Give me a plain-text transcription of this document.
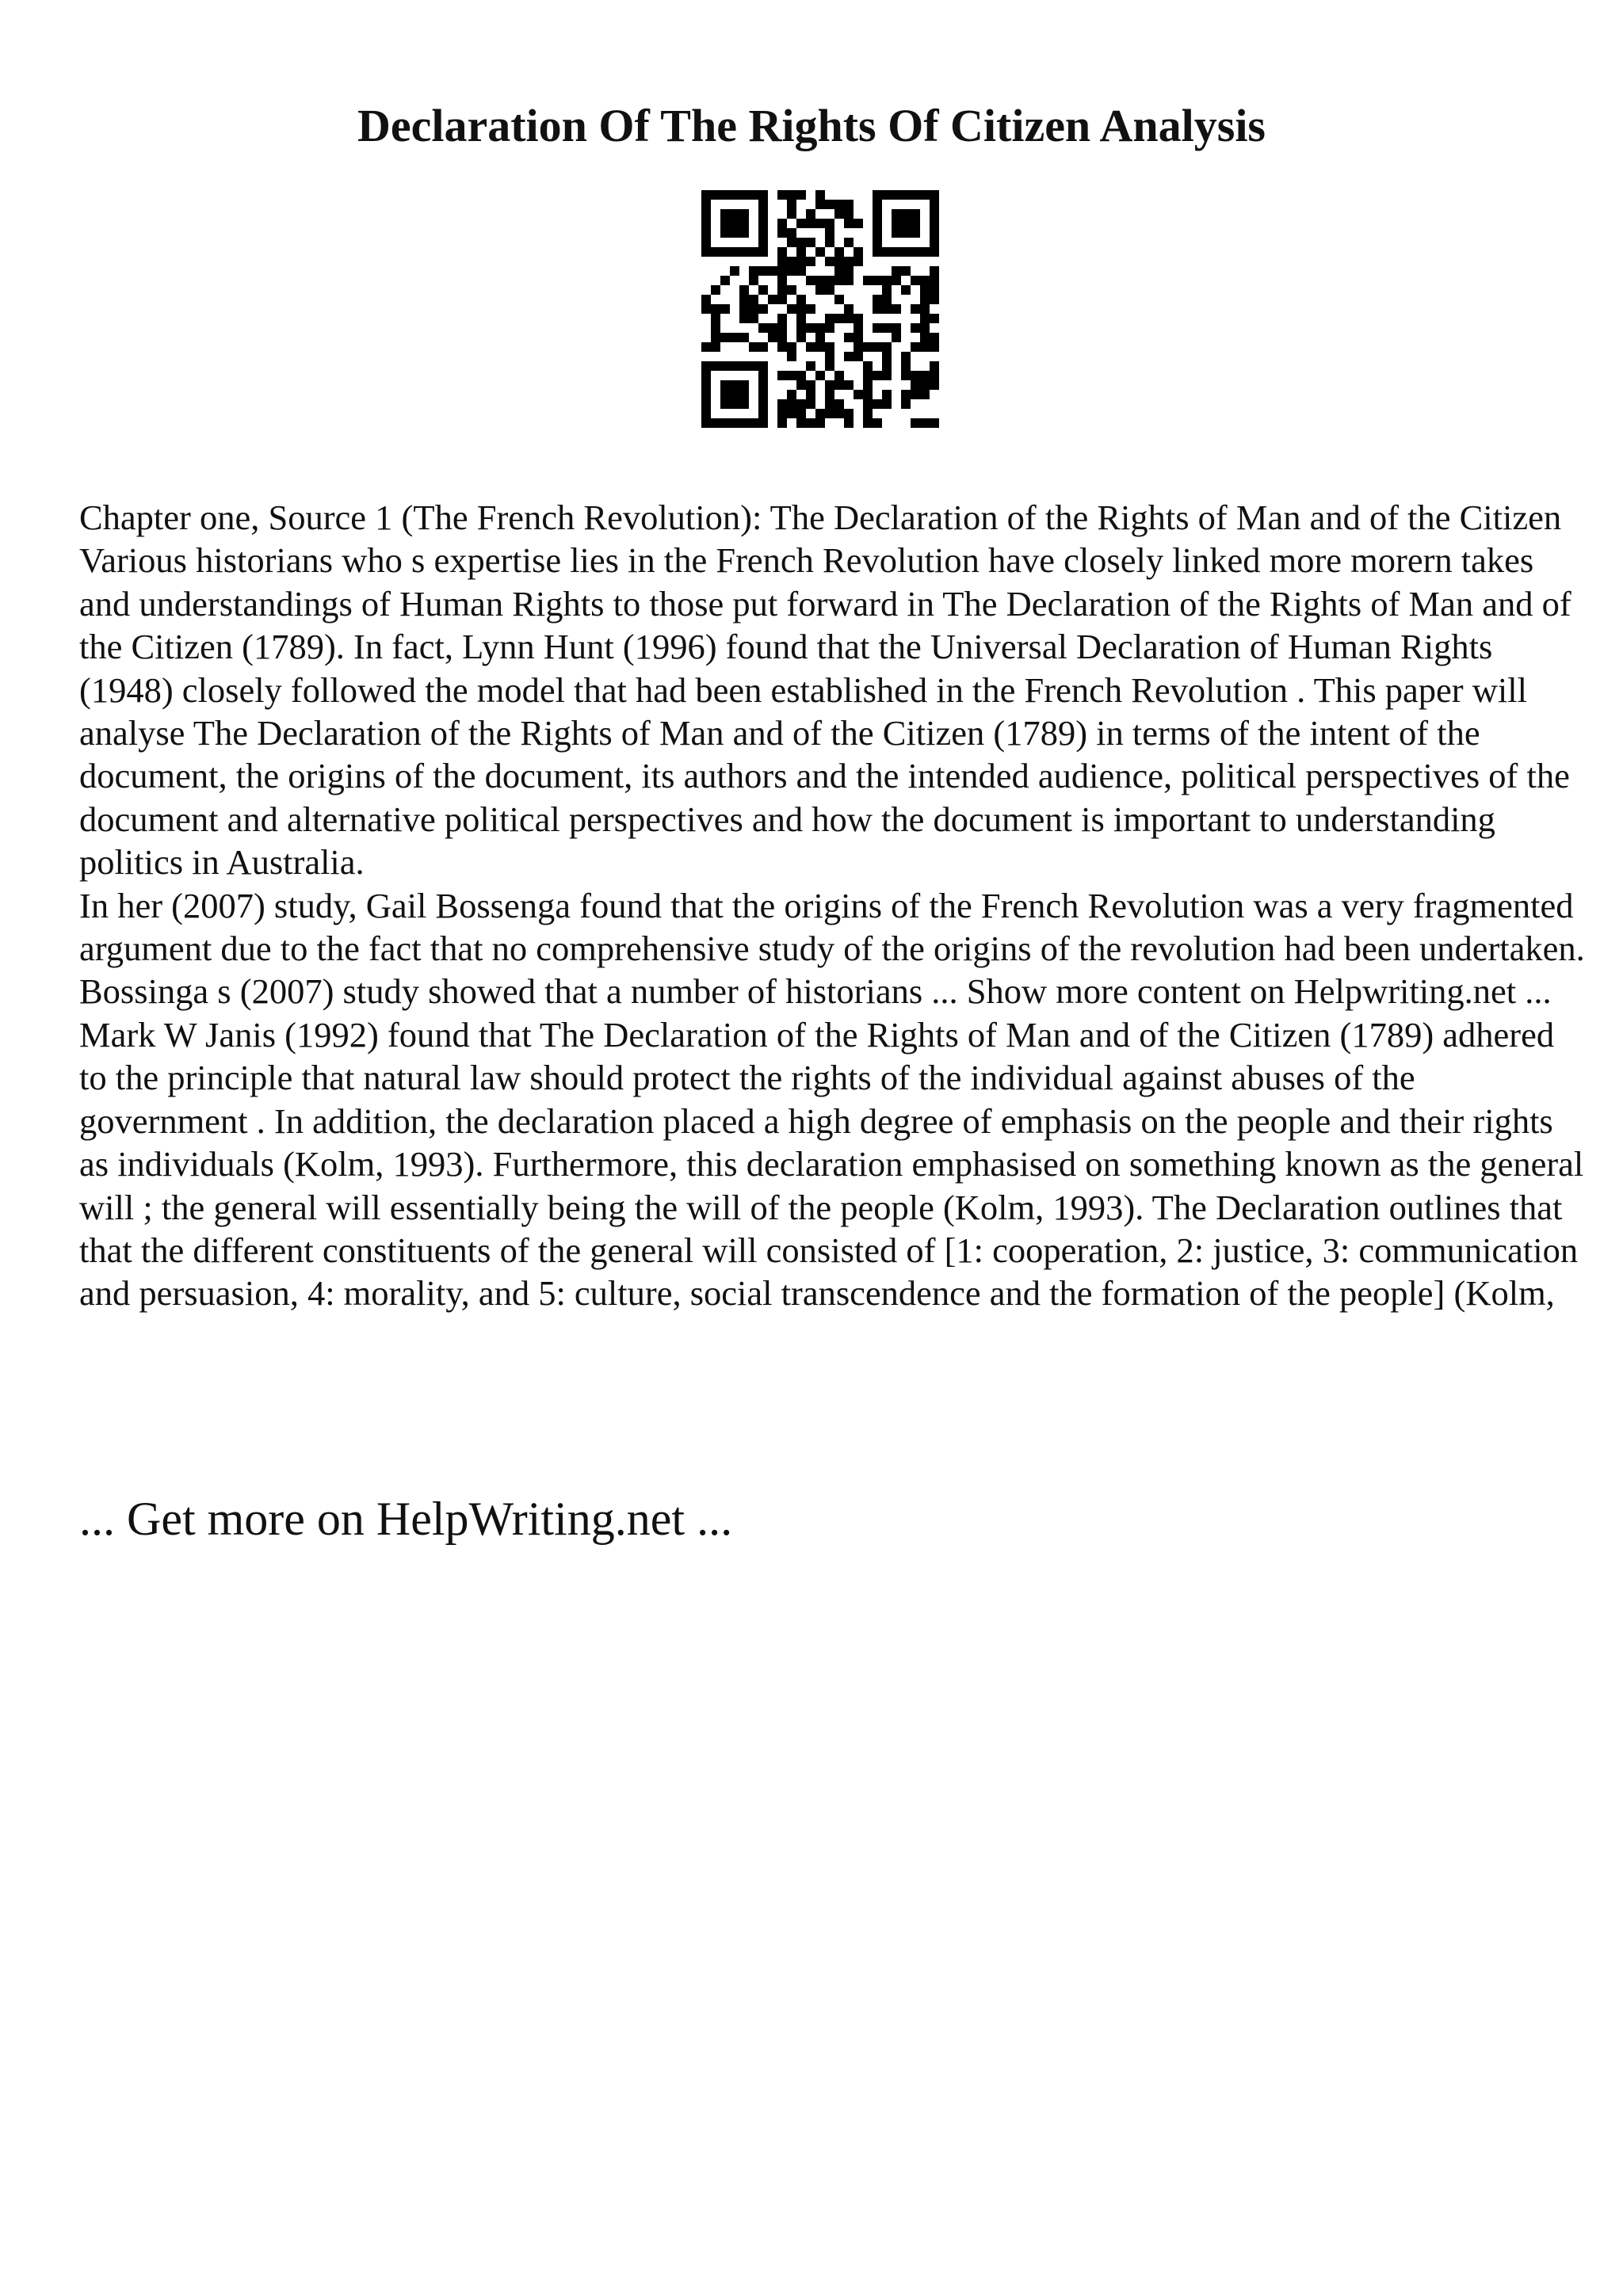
Declaration Of The Rights Of Citizen Analysis

Chapter one, Source 1 (The French Revolution): The Declaration of the Rights of Man and of the Citizen

Various historians who s expertise lies in the French Revolution have closely linked more morern takes and understandings of Human Rights to those put forward in The Declaration of the Rights of Man and of the Citizen (1789). In fact, Lynn Hunt (1996) found that the Universal Declaration of Human Rights (1948) closely followed the model that had been established in the French Revolution . This paper will analyse The Declaration of the Rights of Man and of the Citizen (1789) in terms of the intent of the document, the origins of the document, its authors and the intended audience, political perspectives of the document and alternative political perspectives and how the document is important to understanding politics in Australia.

In her (2007) study, Gail Bossenga found that the origins of the French Revolution was a very fragmented argument due to the fact that no comprehensive study of the origins of the revolution had been undertaken. Bossinga s (2007) study showed that a number of historians ... Show more content on Helpwriting.net ...

Mark W Janis (1992) found that The Declaration of the Rights of Man and of the Citizen (1789) adhered to the principle that natural law should protect the rights of the individual against abuses of the government . In addition, the declaration placed a high degree of emphasis on the people and their rights as individuals (Kolm, 1993). Furthermore, this declaration emphasised on something known as the general will ; the general will essentially being the will of the people (Kolm, 1993). The Declaration outlines that that the different constituents of the general will consisted of [1: cooperation, 2: justice, 3: communication and persuasion, 4: morality, and 5: culture, social transcendence and the formation of the people] (Kolm,

... Get more on HelpWriting.net ...
